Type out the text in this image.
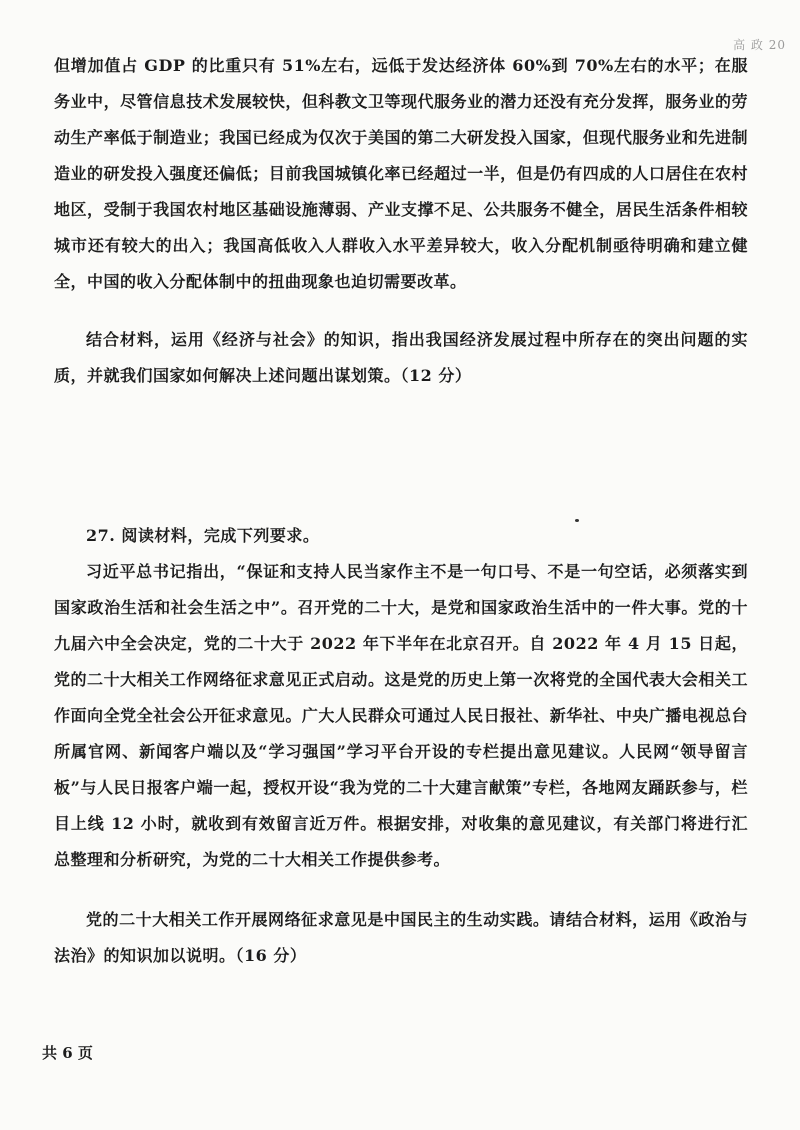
高 政 20
但增加值占 GDP 的比重只有 51%左右，远低于发达经济体 60%到 70%左右的水平；在服务业中，尽管信息技术发展较快，但科教文卫等现代服务业的潜力还没有充分发挥，服务业的劳动生产率低于制造业；我国已经成为仅次于美国的第二大研发投入国家，但现代服务业和先进制造业的研发投入强度还偏低；目前我国城镇化率已经超过一半，但是仍有四成的人口居住在农村地区，受制于我国农村地区基础设施薄弱、产业支撑不足、公共服务不健全，居民生活条件相较城市还有较大的出入；我国高低收入人群收入水平差异较大，收入分配机制亟待明确和建立健全，中国的收入分配体制中的扭曲现象也迫切需要改革。
结合材料，运用《经济与社会》的知识，指出我国经济发展过程中所存在的突出问题的实质，并就我们国家如何解决上述问题出谋划策。（12 分）
27. 阅读材料，完成下列要求。
习近平总书记指出，“保证和支持人民当家作主不是一句口号、不是一句空话，必须落实到国家政治生活和社会生活之中”。召开党的二十大，是党和国家政治生活中的一件大事。党的十九届六中全会决定，党的二十大于 2022 年下半年在北京召开。自 2022 年 4 月 15 日起，党的二十大相关工作网络征求意见正式启动。这是党的历史上第一次将党的全国代表大会相关工作面向全党全社会公开征求意见。广大人民群众可通过人民日报社、新华社、中央广播电视总台所属官网、新闻客户端以及“学习强国”学习平台开设的专栏提出意见建议。人民网“领导留言板”与人民日报客户端一起，授权开设“我为党的二十大建言献策”专栏，各地网友踊跃参与，栏目上线 12 小时，就收到有效留言近万件。根据安排，对收集的意见建议，有关部门将进行汇总整理和分析研究，为党的二十大相关工作提供参考。
党的二十大相关工作开展网络征求意见是中国民主的生动实践。请结合材料，运用《政治与法治》的知识加以说明。（16 分）
共 6 页
